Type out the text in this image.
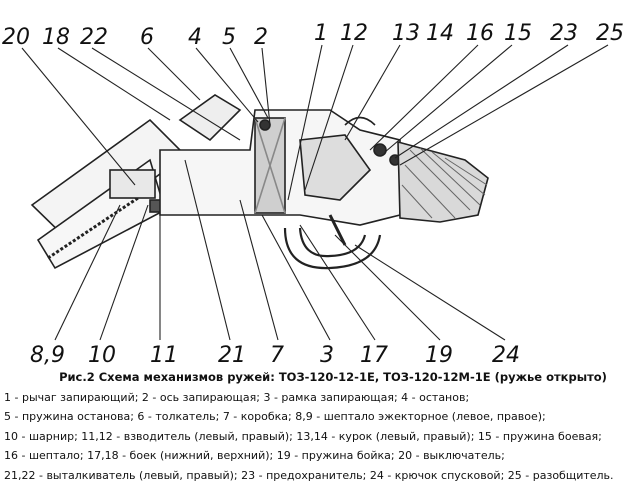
20 18 22 6 4 5 2 1 12 13 14 16 15 23 25
8,9 10 11 21 7 3 17 19 24
Рис.2 Схема механизмов ружей: ТОЗ-120-12-1Е, ТОЗ-120-12М-1Е (ружье открыто)
1 - рычаг запирающий; 2 - ось запирающая; 3 - рамка запирающая; 4 - останов;
5 - пружина останова; 6 - толкатель; 7 - коробка; 8,9 - шептало эжекторное (левое, правое);
10 - шарнир; 11,12 - взводитель (левый, правый); 13,14 - курок (левый, правый); 15 - пружина боевая;
16 - шептало; 17,18 - боек (нижний, верхний); 19 - пружина бойка; 20 - выключатель;
21,22 - выталкиватель (левый, правый); 23 - предохранитель; 24 - крючок спусковой; 25 - разобщитель.
